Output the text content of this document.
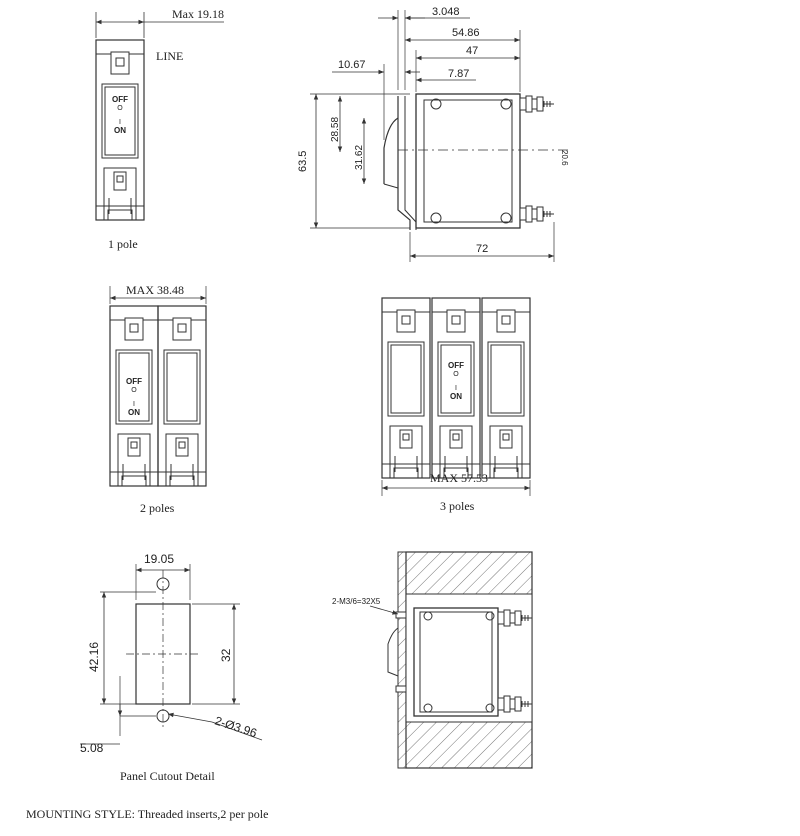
OFF
O
I
ON
Max 19.18
LINE
1 pole
3.048
54.86
47
10.67
7.87
63.5
28.58
31.62
72
20.6
OFF
O
I
ON
MAX 38.48
2 poles
OFF
O
I
ON
MAX 57.53
3 poles
19.05
42.16	32
2-Ø3.96
5.08
Panel Cutout Detail
2-M3/6=32X5
MOUNTING STYLE: Threaded inserts,2 per pole
